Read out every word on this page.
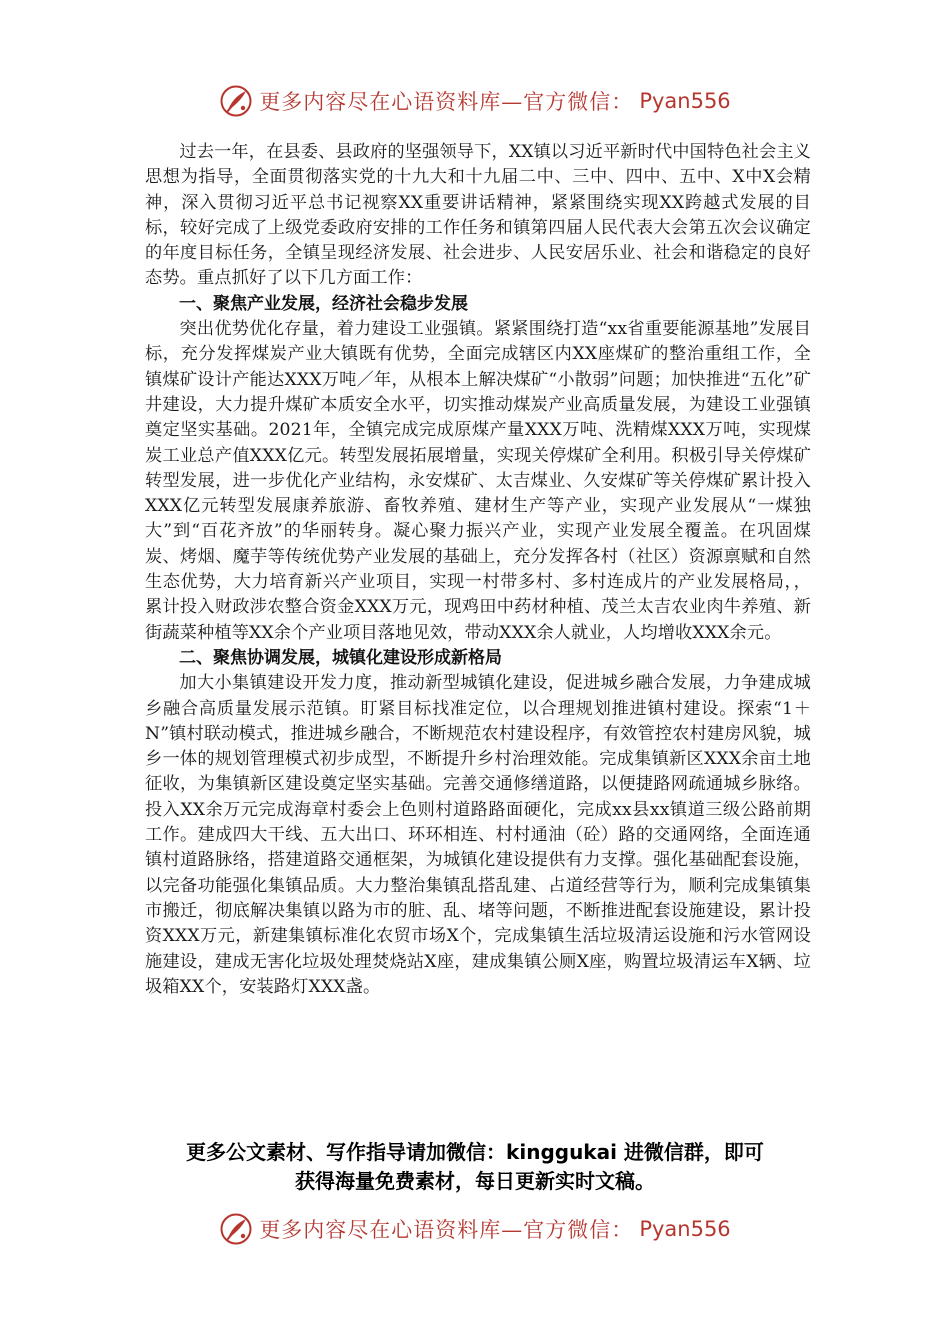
更多内容尽在心语资料库—官方微信： Pyan556

过去一年，在县委、县政府的坚强领导下，XX镇以习近平新时代中国特色社会主义思想为指导，全面贯彻落实党的十九大和十九届二中、三中、四中、五中、X中X会精神，深入贯彻习近平总书记视察XX重要讲话精神，紧紧围绕实现XX跨越式发展的目标，较好完成了上级党委政府安排的工作任务和镇第四届人民代表大会第五次会议确定的年度目标任务，全镇呈现经济发展、社会进步、人民安居乐业、社会和谐稳定的良好态势。重点抓好了以下几方面工作：

一、聚焦产业发展，经济社会稳步发展

突出优势优化存量，着力建设工业强镇。紧紧围绕打造“xx省重要能源基地”发展目标，充分发挥煤炭产业大镇既有优势，全面完成辖区内XX座煤矿的整治重组工作，全镇煤矿设计产能达XXX万吨／年，从根本上解决煤矿“小散弱”问题；加快推进“五化”矿井建设，大力提升煤矿本质安全水平，切实推动煤炭产业高质量发展，为建设工业强镇奠定坚实基础。2021年，全镇完成完成原煤产量XXX万吨、洗精煤XXX万吨，实现煤炭工业总产值XXX亿元。转型发展拓展增量，实现关停煤矿全利用。积极引导关停煤矿转型发展，进一步优化产业结构，永安煤矿、太吉煤业、久安煤矿等关停煤矿累计投入XXX亿元转型发展康养旅游、畜牧养殖、建材生产等产业，实现产业发展从“一煤独大”到“百花齐放”的华丽转身。凝心聚力振兴产业，实现产业发展全覆盖。在巩固煤炭、烤烟、魔芋等传统优势产业发展的基础上，充分发挥各村（社区）资源禀赋和自然生态优势，大力培育新兴产业项目，实现一村带多村、多村连成片的产业发展格局，，累计投入财政涉农整合资金XXX万元，现鸡田中药材种植、茂兰太吉农业肉牛养殖、新街蔬菜种植等XX余个产业项目落地见效，带动XXX余人就业，人均增收XXX余元。

二、聚焦协调发展，城镇化建设形成新格局

加大小集镇建设开发力度，推动新型城镇化建设，促进城乡融合发展，力争建成城乡融合高质量发展示范镇。盯紧目标找准定位，以合理规划推进镇村建设。探索“1＋N”镇村联动模式，推进城乡融合，不断规范农村建设程序，有效管控农村建房风貌，城乡一体的规划管理模式初步成型，不断提升乡村治理效能。完成集镇新区XXX余亩土地征收，为集镇新区建设奠定坚实基础。完善交通修缮道路，以便捷路网疏通城乡脉络。投入XX余万元完成海章村委会上色则村道路路面硬化，完成xx县xx镇道三级公路前期工作。建成四大干线、五大出口、环环相连、村村通油（砼）路的交通网络，全面连通镇村道路脉络，搭建道路交通框架，为城镇化建设提供有力支撑。强化基础配套设施，以完备功能强化集镇品质。大力整治集镇乱搭乱建、占道经营等行为，顺利完成集镇集市搬迁，彻底解决集镇以路为市的脏、乱、堵等问题，不断推进配套设施建设，累计投资XXX万元，新建集镇标准化农贸市场X个，完成集镇生活垃圾清运设施和污水管网设施建设，建成无害化垃圾处理焚烧站X座，建成集镇公厕X座，购置垃圾清运车X辆、垃圾箱XX个，安装路灯XXX盏。

更多公文素材、写作指导请加微信：kinggukai 进微信群，即可
获得海量免费素材，每日更新实时文稿。
更多内容尽在心语资料库—官方微信： Pyan556
